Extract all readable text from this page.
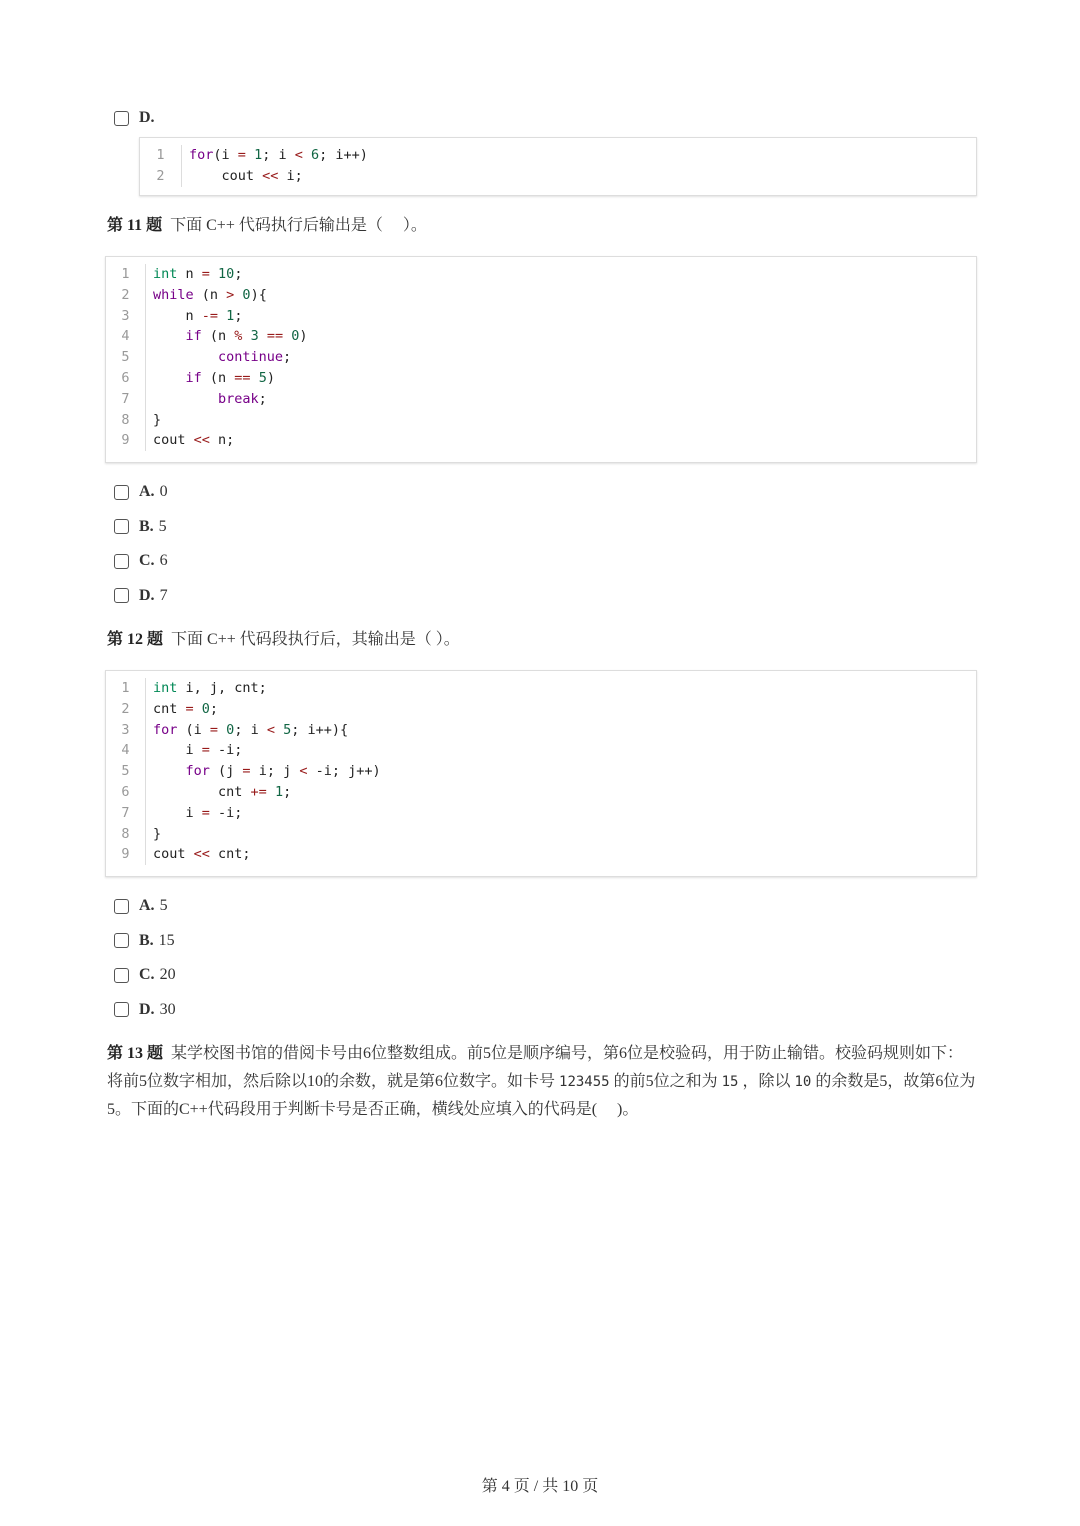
D.
1	for(i = 1; i < 6; i++)
2	cout << i;
第 11 题 下面 C++ 代码执行后输出是（　 ）。
1	int n = 10;
2	while (n > 0){
3	n -= 1;
4	if (n % 3 == 0)
5	continue;
6	if (n == 5)
7	break;
8	}
9	cout << n;
A. 0
B. 5
C. 6
D. 7
第 12 题 下面 C++ 代码段执行后，其输出是（ ）。
1	int i, j, cnt;
2	cnt = 0;
3	for (i = 0; i < 5; i++){
4	i = -i;
5	for (j = i; j < -i; j++)
6	cnt += 1;
7	i = -i;
8	}
9	cout << cnt;
A. 5
B. 15
C. 20
D. 30
第 13 题 某学校图书馆的借阅卡号由6位整数组成。前5位是顺序编号，第6位是校验码，用于防止输错。校验码规则如下：将前5位数字相加，然后除以10的余数，就是第6位数字。如卡号 123455 的前5位之和为 15 ，除以 10 的余数是5，故第6位为5。下面的C++代码段用于判断卡号是否正确，横线处应填入的代码是(　 )。
第 4 页 / 共 10 页
